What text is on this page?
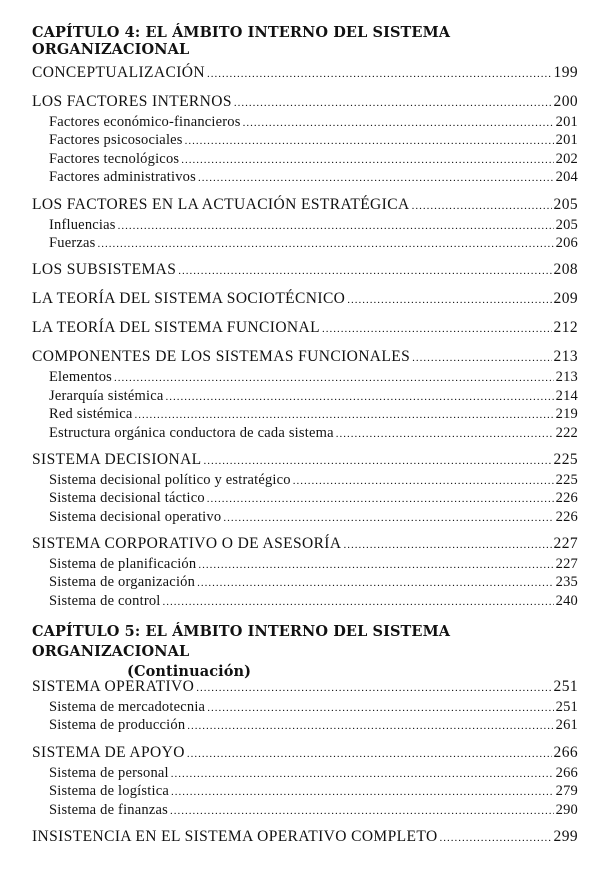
CAPÍTULO 4: EL ÁMBITO INTERNO DEL SISTEMA ORGANIZACIONAL
CONCEPTUALIZACIÓN .....	199
LOS FACTORES INTERNOS .....	200
Factores económico-financieros .....	201
Factores psicosociales .....	201
Factores tecnológicos .....	202
Factores administrativos .....	204
LOS FACTORES EN LA ACTUACIÓN ESTRATÉGICA .....	205
Influencias .....	205
Fuerzas .....	206
LOS SUBSISTEMAS .....	208
LA TEORÍA DEL SISTEMA SOCIOTÉCNICO .....	209
LA TEORÍA DEL SISTEMA FUNCIONAL .....	212
COMPONENTES DE LOS SISTEMAS FUNCIONALES .....	213
Elementos .....	213
Jerarquía sistémica .....	214
Red sistémica .....	219
Estructura orgánica conductora de cada sistema .....	222
SISTEMA DECISIONAL .....	225
Sistema decisional político y estratégico .....	225
Sistema decisional táctico .....	226
Sistema decisional operativo .....	226
SISTEMA CORPORATIVO O DE ASESORÍA .....	227
Sistema de planificación .....	227
Sistema de organización .....	235
Sistema de control .....	240
CAPÍTULO 5: EL ÁMBITO INTERNO DEL SISTEMA ORGANIZACIONAL
(Continuación)
SISTEMA OPERATIVO .....	251
Sistema de mercadotecnia .....	251
Sistema de producción .....	261
SISTEMA DE APOYO .....	266
Sistema de personal .....	266
Sistema de logística .....	279
Sistema de finanzas .....	290
INSISTENCIA EN EL SISTEMA OPERATIVO COMPLETO .....	299
